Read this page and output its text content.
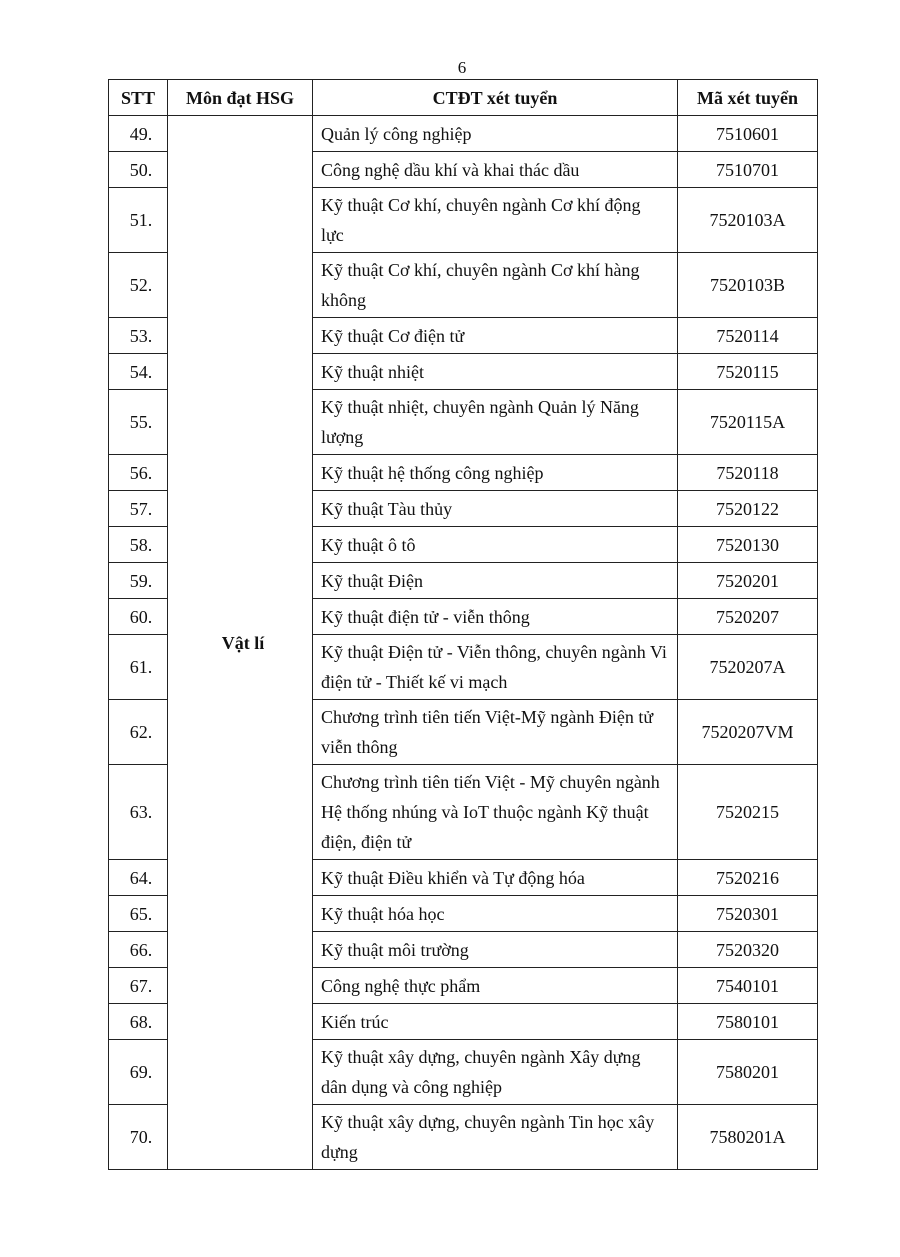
6
STT	Môn đạt HSG	CTĐT xét tuyển	Mã xét tuyển
49.	Vật lí	Quản lý công nghiệp	7510601
50.		Công nghệ dầu khí và khai thác dầu	7510701
51.		Kỹ thuật Cơ khí, chuyên ngành Cơ khí động lực	7520103A
52.		Kỹ thuật Cơ khí, chuyên ngành Cơ khí hàng không	7520103B
53.		Kỹ thuật Cơ điện tử	7520114
54.		Kỹ thuật nhiệt	7520115
55.		Kỹ thuật nhiệt, chuyên ngành Quản lý Năng lượng	7520115A
56.		Kỹ thuật hệ thống công nghiệp	7520118
57.		Kỹ thuật Tàu thủy	7520122
58.		Kỹ thuật ô tô	7520130
59.		Kỹ thuật Điện	7520201
60.		Kỹ thuật điện tử - viễn thông	7520207
61.		Kỹ thuật Điện tử - Viễn thông, chuyên ngành Vi điện tử - Thiết kế vi mạch	7520207A
62.		Chương trình tiên tiến Việt-Mỹ ngành Điện tử viễn thông	7520207VM
63.		Chương trình tiên tiến Việt - Mỹ chuyên ngành Hệ thống nhúng và IoT thuộc ngành Kỹ thuật điện, điện tử	7520215
64.		Kỹ thuật Điều khiển và Tự động hóa	7520216
65.		Kỹ thuật hóa học	7520301
66.		Kỹ thuật môi trường	7520320
67.		Công nghệ thực phẩm	7540101
68.		Kiến trúc	7580101
69.		Kỹ thuật xây dựng, chuyên ngành Xây dựng dân dụng và công nghiệp	7580201
70.		Kỹ thuật xây dựng, chuyên ngành Tin học xây dựng	7580201A
